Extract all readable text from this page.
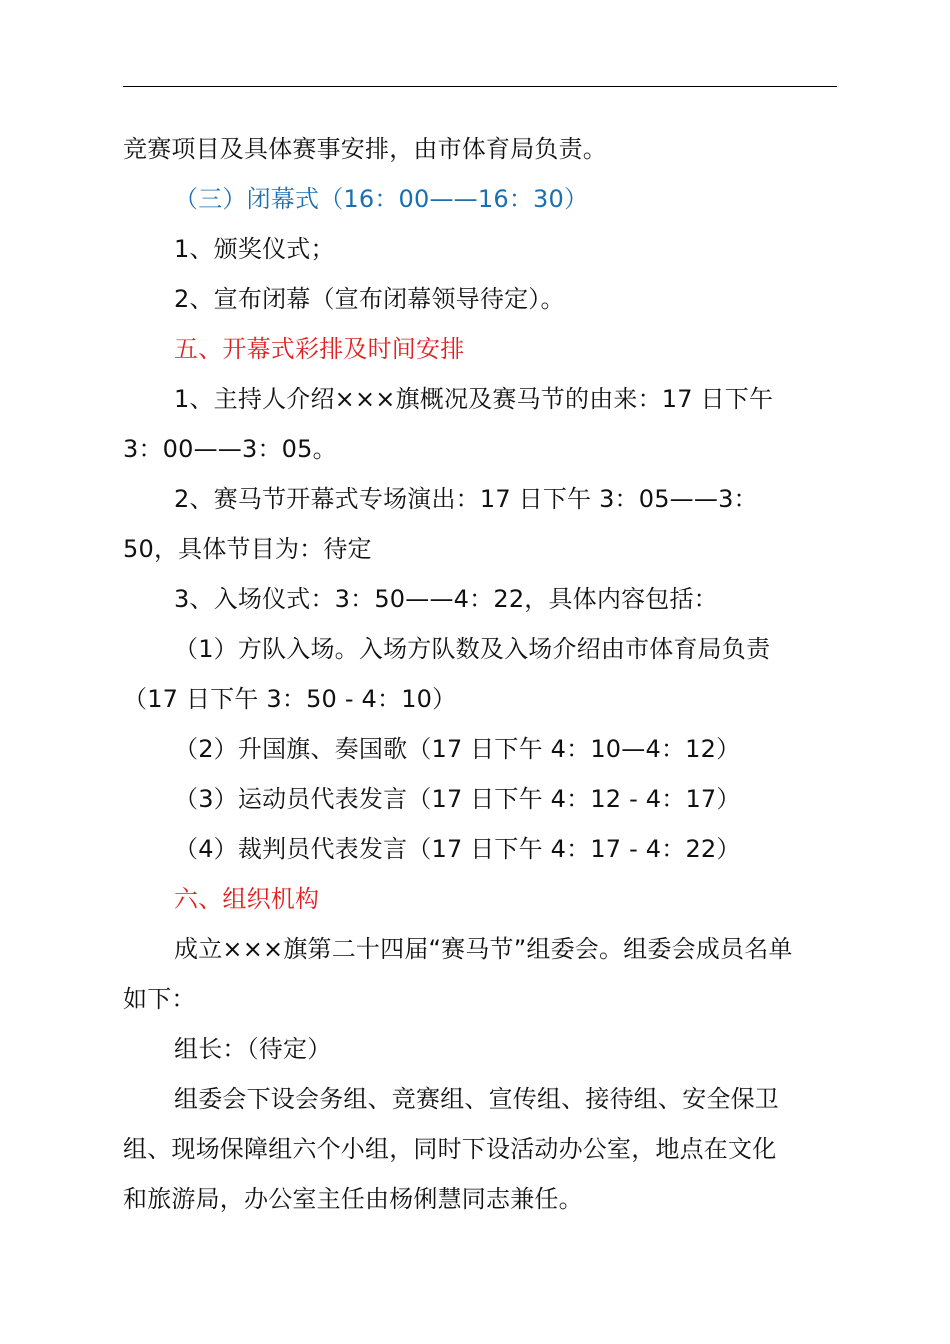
竞赛项目及具体赛事安排，由市体育局负责。
（三）闭幕式（16：00——16：30）
1、颁奖仪式；
2、宣布闭幕（宣布闭幕领导待定）。
五、开幕式彩排及时间安排
1、主持人介绍×××旗概况及赛马节的由来：17 日下午
3：00——3：05。
2、赛马节开幕式专场演出：17 日下午 3：05——3：
50，具体节目为：待定
3、入场仪式：3：50——4：22，具体内容包括：
（1）方队入场。入场方队数及入场介绍由市体育局负责
（17 日下午 3：50 - 4：10）
（2）升国旗、奏国歌（17 日下午 4：10—4：12）
（3）运动员代表发言（17 日下午 4：12 - 4：17）
（4）裁判员代表发言（17 日下午 4：17 - 4：22）
六、组织机构
成立×××旗第二十四届“赛马节”组委会。组委会成员名单
如下：
组长：（待定）
组委会下设会务组、竞赛组、宣传组、接待组、安全保卫
组、现场保障组六个小组，同时下设活动办公室，地点在文化
和旅游局，办公室主任由杨俐慧同志兼任。
